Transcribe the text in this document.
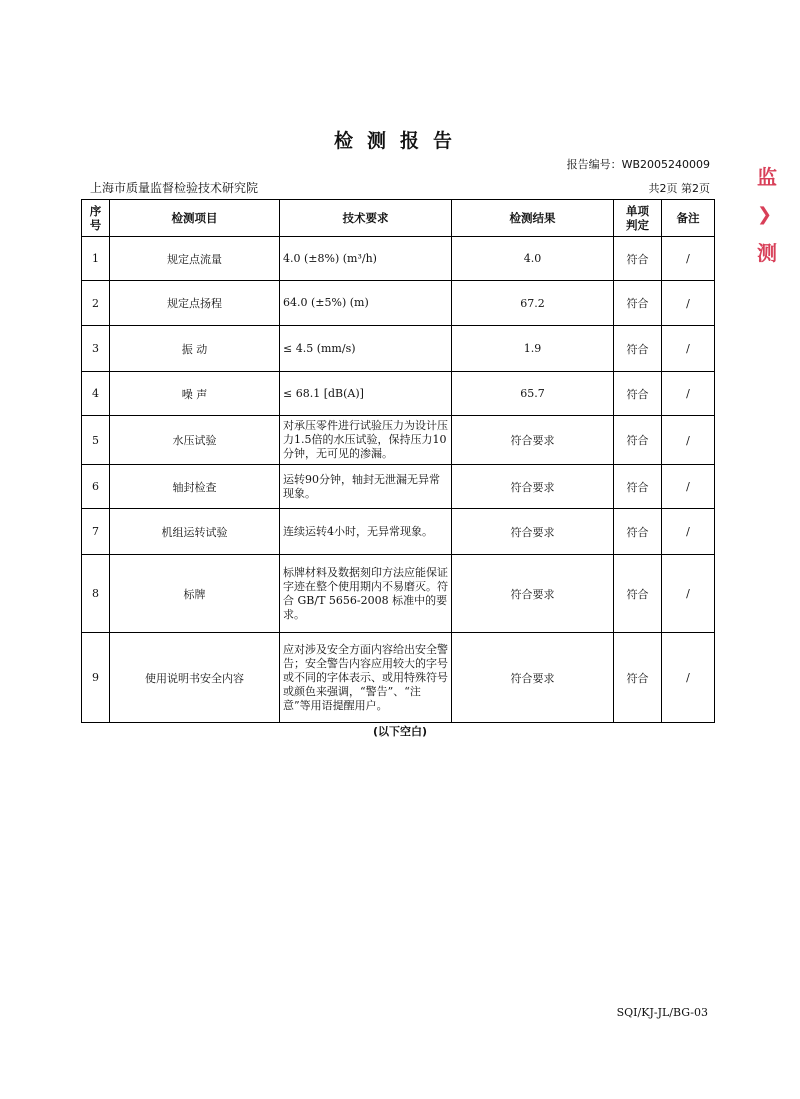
检测报告
报告编号：WB2005240009
上海市质量监督检验技术研究院	共2页 第2页 监
❯
测
序号	检测项目	技术要求	检测结果	单项判定	备注
1	规定点流量	4.0 (±8%) (m³/h)	4.0	符合	/
2	规定点扬程	64.0 (±5%) (m)	67.2	符合	/
3	振 动	≤ 4.5 (mm/s)	1.9	符合	/
4	噪 声	≤ 68.1 [dB(A)]	65.7	符合	/
5	水压试验	对承压零件进行试验压力为设计压力1.5倍的水压试验，保持压力10 分钟，无可见的渗漏。	符合要求	符合	/
6	轴封检查	运转90分钟，轴封无泄漏无异常现象。	符合要求	符合	/
7	机组运转试验	连续运转4小时，无异常现象。	符合要求	符合	/
8	标牌	标牌材料及数据刻印方法应能保证字迹在整个使用期内不易磨灭。符合 GB/T 5656-2008 标准中的要求。	符合要求	符合	/
9	使用说明书安全内容	应对涉及安全方面内容给出安全警告；安全警告内容应用较大的字号或不同的字体表示、或用特殊符号或颜色来强调，“警告”、“注意”等用语提醒用户。	符合要求	符合	/
(以下空白)
SQI/KJ-JL/BG-03
